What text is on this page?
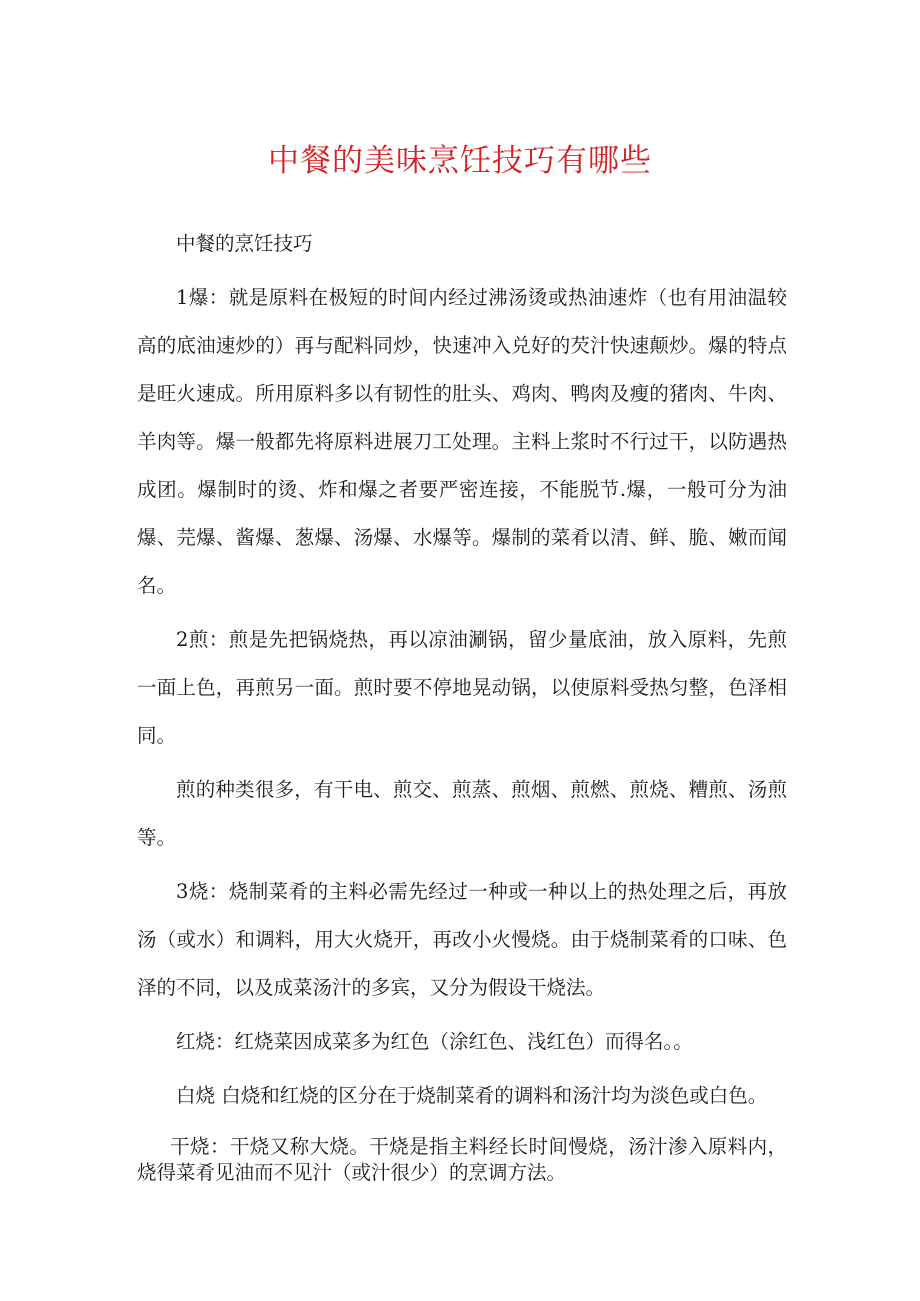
中餐的美味烹饪技巧有哪些

中餐的烹饪技巧

1爆：就是原料在极短的时间内经过沸汤烫或热油速炸（也有用油温较高的底油速炒的）再与配料同炒，快速冲入兑好的芡汁快速颠炒。爆的特点是旺火速成。所用原料多以有韧性的肚头、鸡肉、鸭肉及瘦的猪肉、牛肉、羊肉等。爆一般都先将原料进展刀工处理。主料上浆时不行过干，以防遇热成团。爆制时的烫、炸和爆之者要严密连接，不能脱节.爆，一般可分为油爆、芫爆、酱爆、葱爆、汤爆、水爆等。爆制的菜肴以清、鲜、脆、嫩而闻名。

2煎：煎是先把锅烧热，再以凉油涮锅，留少量底油，放入原料，先煎一面上色，再煎另一面。煎时要不停地晃动锅，以使原料受热匀整，色泽相同。

煎的种类很多，有干电、煎交、煎蒸、煎烟、煎燃、煎烧、糟煎、汤煎等。

3烧：烧制菜肴的主料必需先经过一种或一种以上的热处理之后，再放汤（或水）和调料，用大火烧开，再改小火慢烧。由于烧制菜肴的口味、色泽的不同，以及成菜汤汁的多宾，又分为假设干烧法。

红烧：红烧菜因成菜多为红色（涂红色、浅红色）而得名。。

白烧 白烧和红烧的区分在于烧制菜肴的调料和汤汁均为淡色或白色。

干烧：干烧又称大烧。干烧是指主料经长时间慢烧，汤汁渗入原料内，烧得菜肴见油而不见汁（或汁很少）的烹调方法。
